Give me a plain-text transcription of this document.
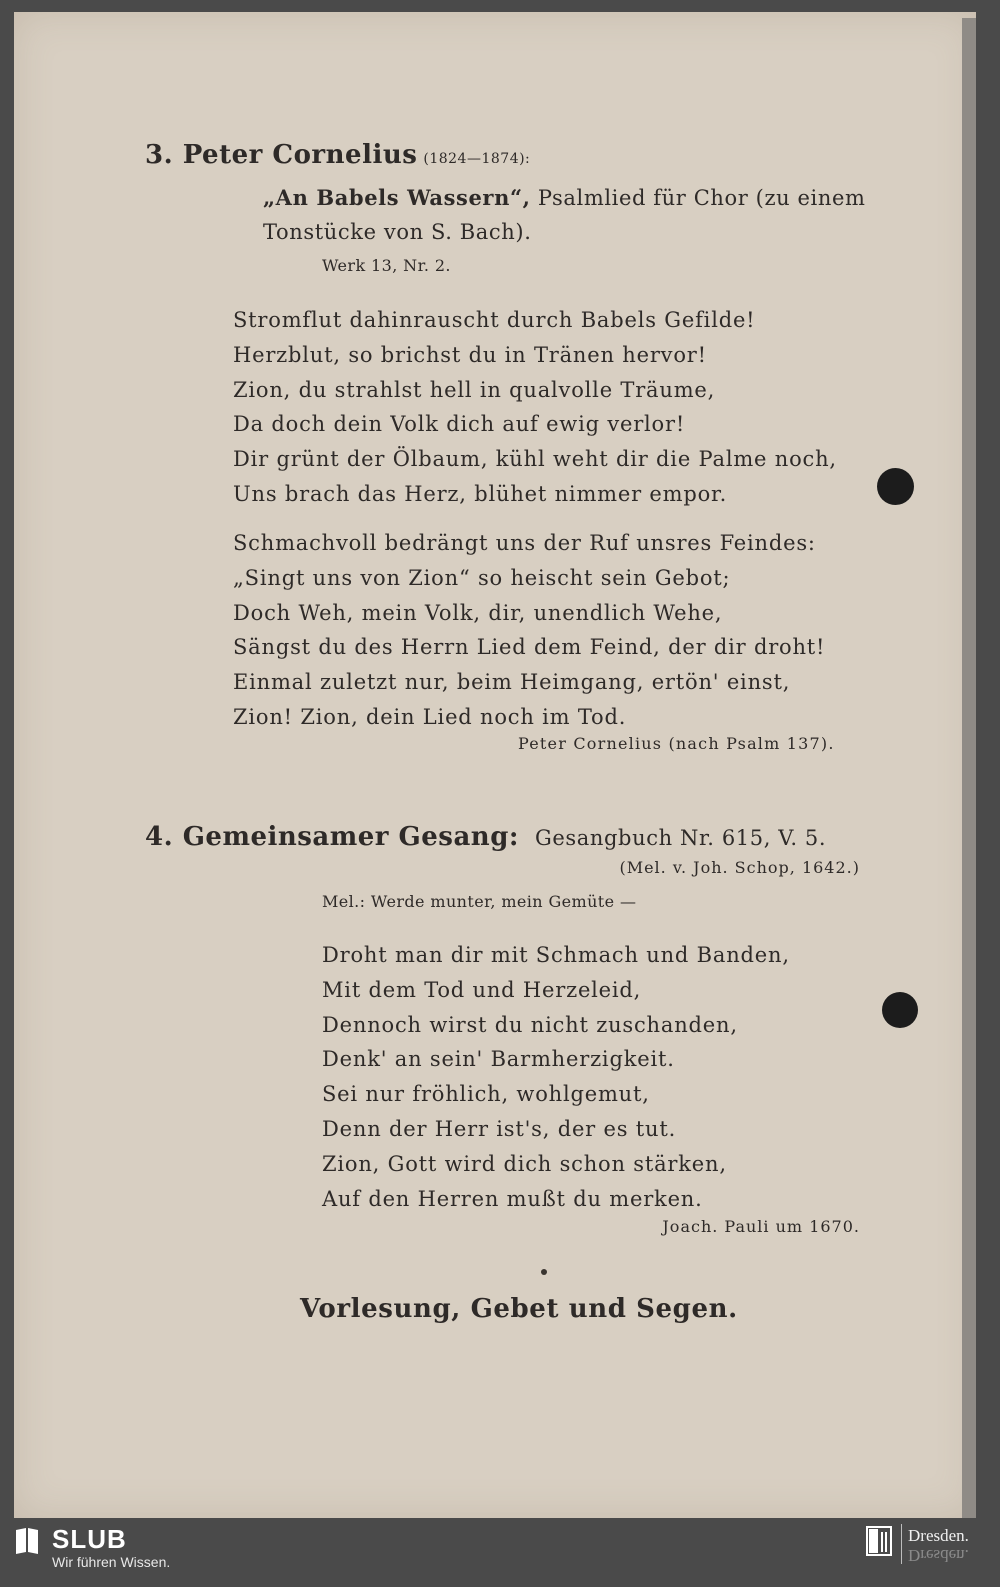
3. Peter Cornelius (1824—1874):
„An Babels Wassern“, Psalmlied für Chor (zu einem
Tonstücke von S. Bach).
Werk 13, Nr. 2.
Stromflut dahinrauscht durch Babels Gefilde!
Herzblut, so brichst du in Tränen hervor!
Zion, du strahlst hell in qualvolle Träume,
Da doch dein Volk dich auf ewig verlor!
Dir grünt der Ölbaum, kühl weht dir die Palme noch,
Uns brach das Herz, blühet nimmer empor.
Schmachvoll bedrängt uns der Ruf unsres Feindes:
„Singt uns von Zion“ so heischt sein Gebot;
Doch Weh, mein Volk, dir, unendlich Wehe,
Sängst du des Herrn Lied dem Feind, der dir droht!
Einmal zuletzt nur, beim Heimgang, ertön' einst,
Zion! Zion, dein Lied noch im Tod.
Peter Cornelius (nach Psalm 137).
4. Gemeinsamer Gesang: Gesangbuch Nr. 615, V. 5.
(Mel. v. Joh. Schop, 1642.)
Mel.: Werde munter, mein Gemüte —
Droht man dir mit Schmach und Banden,
Mit dem Tod und Herzeleid,
Dennoch wirst du nicht zuschanden,
Denk' an sein' Barmherzigkeit.
Sei nur fröhlich, wohlgemut,
Denn der Herr ist's, der es tut.
Zion, Gott wird dich schon stärken,
Auf den Herren mußt du merken.
Joach. Pauli um 1670.
Vorlesung, Gebet und Segen.
SLUB
Wir führen Wissen.
Dresden.
Dresden.
